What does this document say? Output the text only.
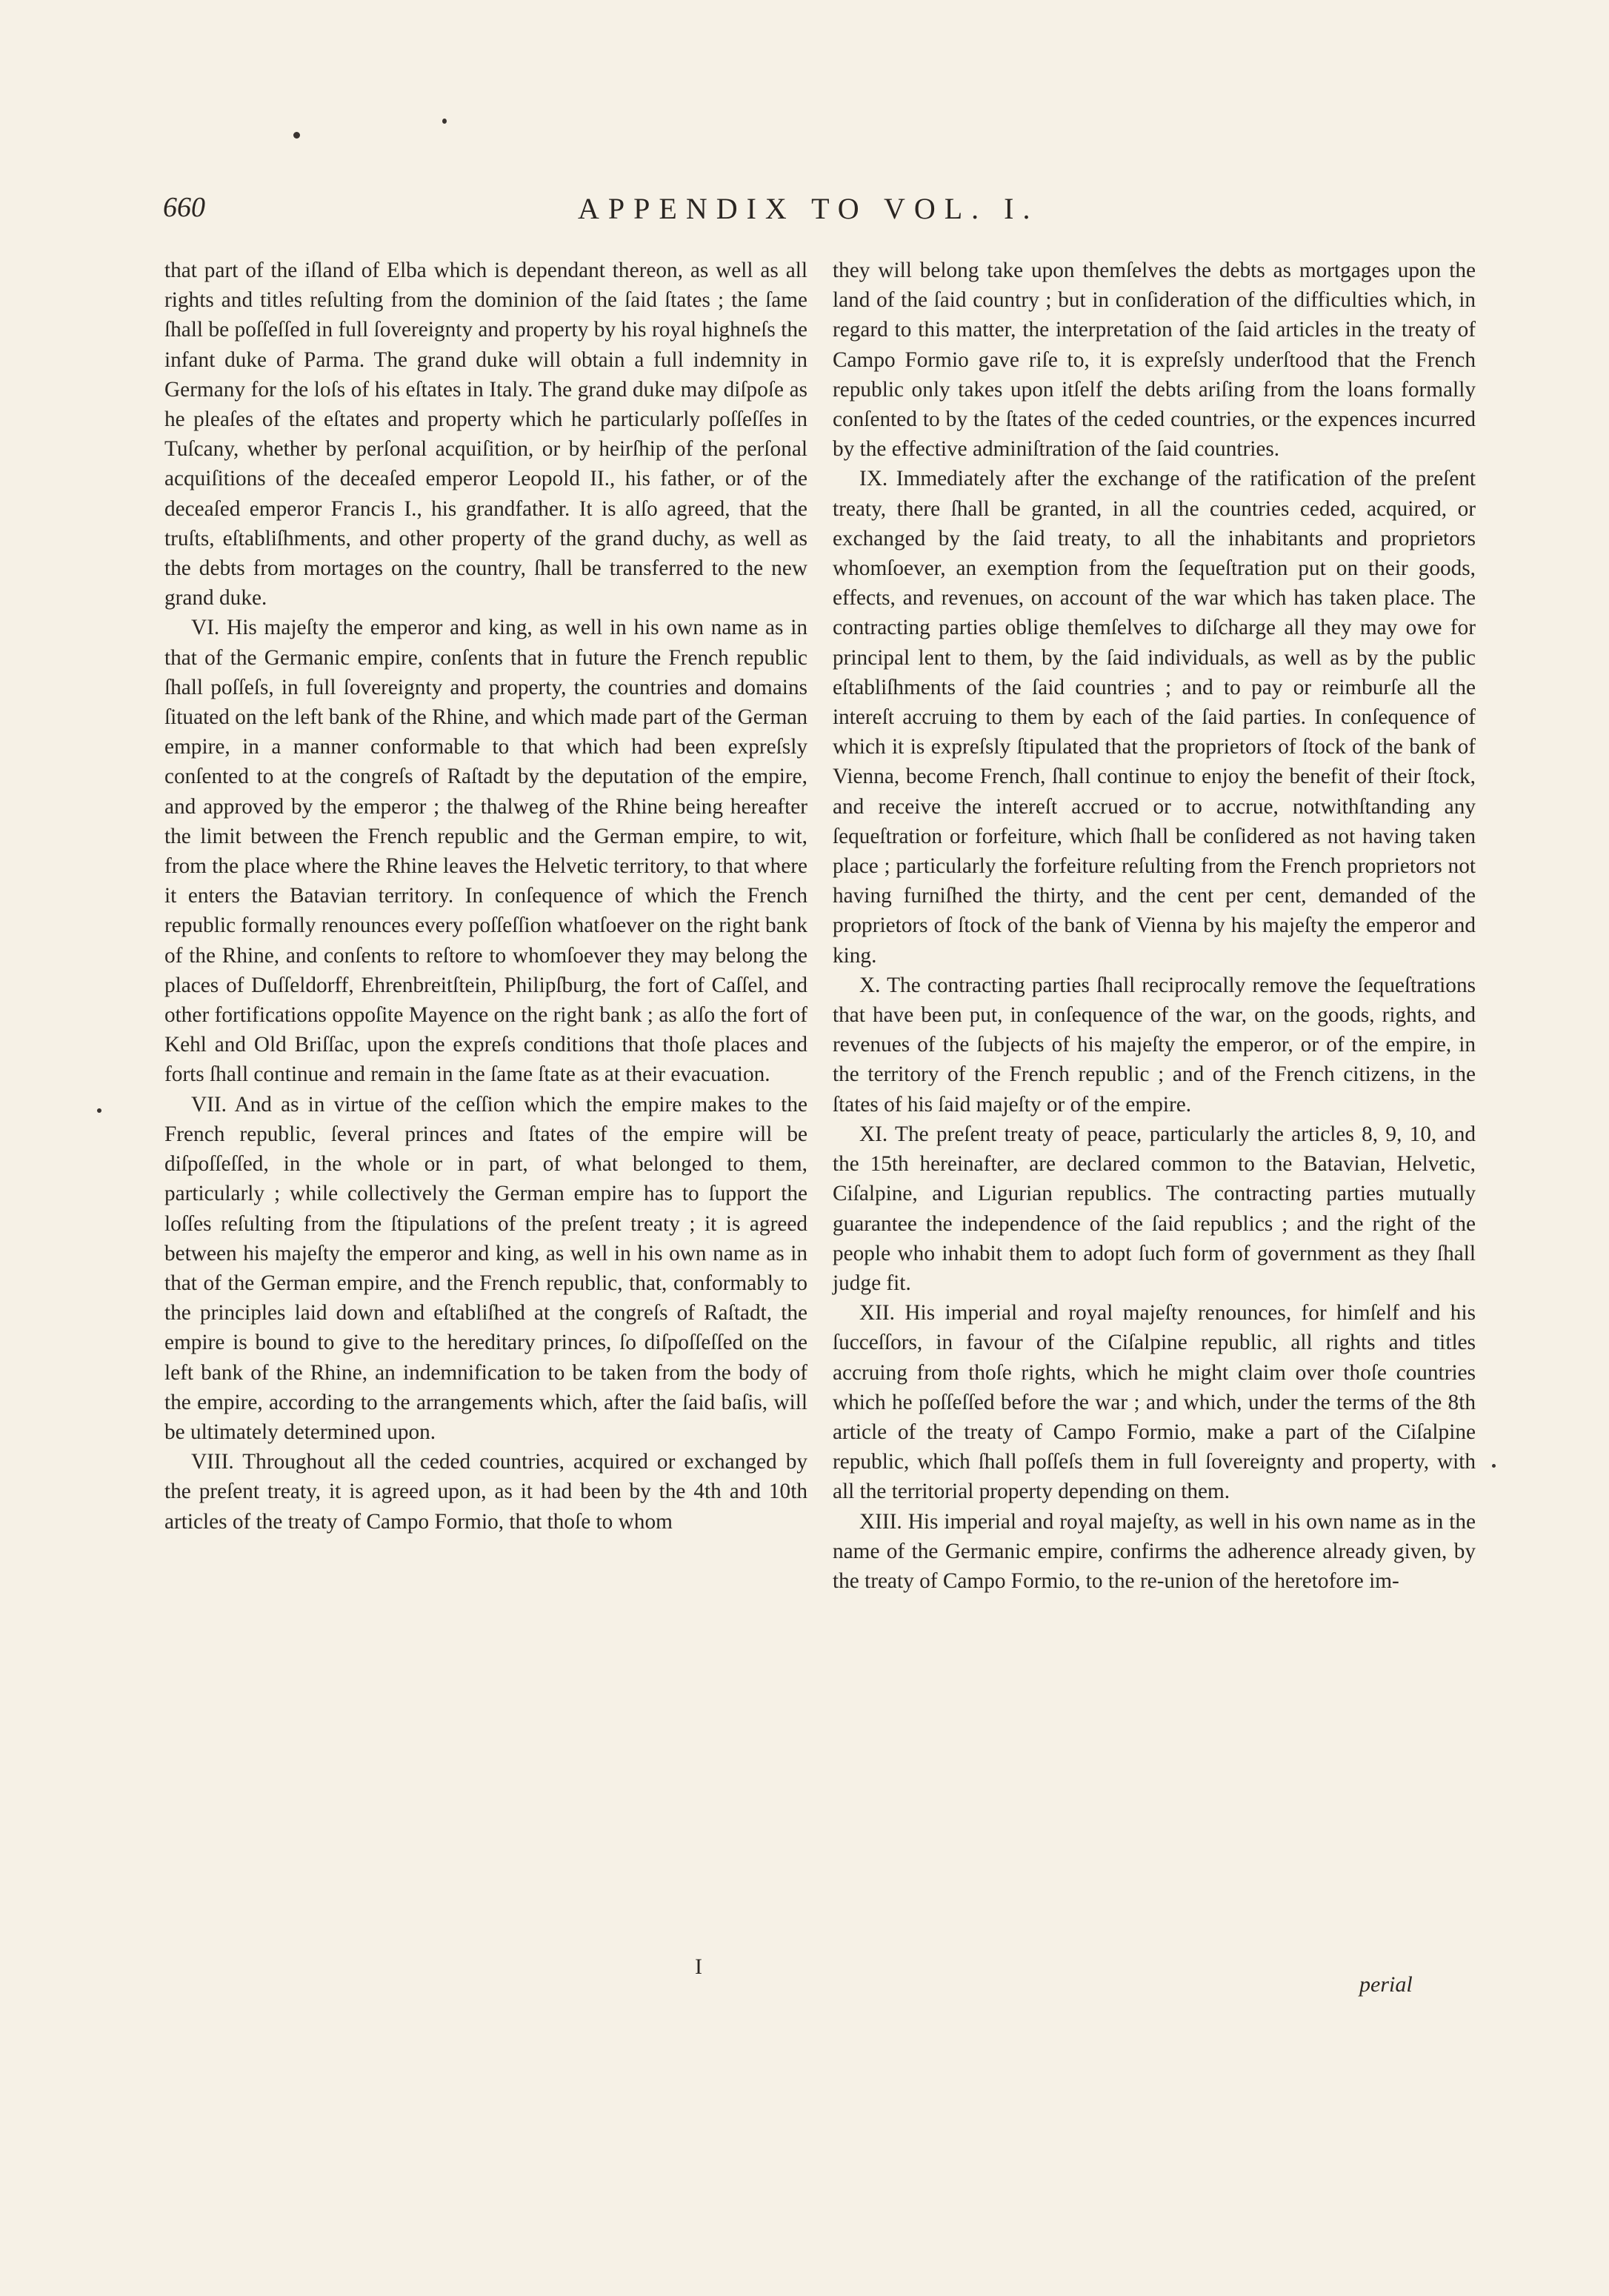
660	APPENDIX TO VOL. I.

that part of the iſland of Elba which is dependant thereon, as well as all rights and titles reſulting from the dominion of the ſaid ſtates ; the ſame ſhall be poſſeſſed in full ſovereignty and property by his royal highneſs the infant duke of Parma. The grand duke will obtain a full indemnity in Germany for the loſs of his eſtates in Italy. The grand duke may diſpoſe as he pleaſes of the eſtates and property which he particularly poſſeſſes in Tuſcany, whether by perſonal acquiſition, or by heirſhip of the perſonal acquiſitions of the deceaſed emperor Leopold II., his father, or of the deceaſed emperor Francis I., his grandfather. It is alſo agreed, that the truſts, eſtabliſhments, and other property of the grand duchy, as well as the debts from mortages on the country, ſhall be transferred to the new grand duke.

VI. His majeſty the emperor and king, as well in his own name as in that of the Germanic empire, conſents that in future the French republic ſhall poſſeſs, in full ſovereignty and property, the countries and domains ſituated on the left bank of the Rhine, and which made part of the German empire, in a manner conformable to that which had been expreſsly conſented to at the congreſs of Raſtadt by the deputation of the empire, and approved by the emperor ; the thalweg of the Rhine being hereafter the limit between the French republic and the German empire, to wit, from the place where the Rhine leaves the Helvetic territory, to that where it enters the Batavian territory. In conſequence of which the French republic formally renounces every poſſeſſion whatſoever on the right bank of the Rhine, and conſents to reſtore to whomſoever they may belong the places of Duſſeldorff, Ehrenbreitſtein, Philipſburg, the fort of Caſſel, and other fortifications oppoſite Mayence on the right bank ; as alſo the fort of Kehl and Old Briſſac, upon the expreſs conditions that thoſe places and forts ſhall continue and remain in the ſame ſtate as at their evacuation.

VII. And as in virtue of the ceſſion which the empire makes to the French republic, ſeveral princes and ſtates of the empire will be diſpoſſeſſed, in the whole or in part, of what belonged to them, particularly ; while collectively the German empire has to ſupport the loſſes reſulting from the ſtipulations of the preſent treaty ; it is agreed between his majeſty the emperor and king, as well in his own name as in that of the German empire, and the French republic, that, conformably to the principles laid down and eſtabliſhed at the congreſs of Raſtadt, the empire is bound to give to the hereditary princes, ſo diſpoſſeſſed on the left bank of the Rhine, an indemnification to be taken from the body of the empire, according to the arrangements which, after the ſaid baſis, will be ultimately determined upon.

VIII. Throughout all the ceded countries, acquired or exchanged by the preſent treaty, it is agreed upon, as it had been by the 4th and 10th articles of the treaty of Campo Formio, that thoſe to whom

I

they will belong take upon themſelves the debts as mortgages upon the land of the ſaid country ; but in conſideration of the difficulties which, in regard to this matter, the interpretation of the ſaid articles in the treaty of Campo Formio gave riſe to, it is expreſsly underſtood that the French republic only takes upon itſelf the debts ariſing from the loans formally conſented to by the ſtates of the ceded countries, or the expences incurred by the effective adminiſtration of the ſaid countries.

IX. Immediately after the exchange of the ratification of the preſent treaty, there ſhall be granted, in all the countries ceded, acquired, or exchanged by the ſaid treaty, to all the inhabitants and proprietors whomſoever, an exemption from the ſequeſtration put on their goods, effects, and revenues, on account of the war which has taken place. The contracting parties oblige themſelves to diſcharge all they may owe for principal lent to them, by the ſaid individuals, as well as by the public eſtabliſhments of the ſaid countries ; and to pay or reimburſe all the intereſt accruing to them by each of the ſaid parties. In conſequence of which it is expreſsly ſtipulated that the proprietors of ſtock of the bank of Vienna, become French, ſhall continue to enjoy the benefit of their ſtock, and receive the intereſt accrued or to accrue, notwithſtanding any ſequeſtration or forfeiture, which ſhall be conſidered as not having taken place ; particularly the forfeiture reſulting from the French proprietors not having furniſhed the thirty, and the cent per cent, demanded of the proprietors of ſtock of the bank of Vienna by his majeſty the emperor and king.

X. The contracting parties ſhall reciprocally remove the ſequeſtrations that have been put, in conſequence of the war, on the goods, rights, and revenues of the ſubjects of his majeſty the emperor, or of the empire, in the territory of the French republic ; and of the French citizens, in the ſtates of his ſaid majeſty or of the empire.

XI. The preſent treaty of peace, particularly the articles 8, 9, 10, and the 15th hereinafter, are declared common to the Batavian, Helvetic, Ciſalpine, and Ligurian republics. The contracting parties mutually guarantee the independence of the ſaid republics ; and the right of the people who inhabit them to adopt ſuch form of government as they ſhall judge fit.

XII. His imperial and royal majeſty renounces, for himſelf and his ſucceſſors, in favour of the Ciſalpine republic, all rights and titles accruing from thoſe rights, which he might claim over thoſe countries which he poſſeſſed before the war ; and which, under the terms of the 8th article of the treaty of Campo Formio, make a part of the Ciſalpine republic, which ſhall poſſeſs them in full ſovereignty and property, with all the territorial property depending on them.

XIII. His imperial and royal majeſty, as well in his own name as in the name of the Germanic empire, confirms the adherence already given, by the treaty of Campo Formio, to the re-union of the heretofore im-

perial
